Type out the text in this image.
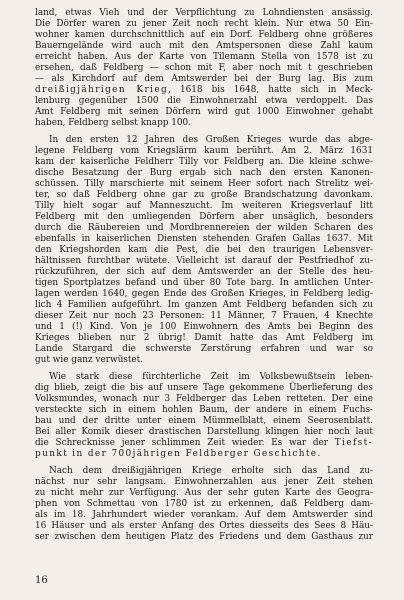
land, etwas Vieh und der Verpflichtung zu Lohndiensten ansässig.

Die Dörfer waren zu jener Zeit noch recht klein. Nur etwa 50 Ein-

wohner kamen durchschnittlich auf ein Dorf. Feldberg ohne größeres

Bauerngelände wird auch mit den Amtspersonen diese Zahl kaum

erreicht haben. Aus der Karte von Tilemann Stella von 1578 ist zu

ersehen, daß Feldberg — schon mit F, aber noch mit t geschrieben

— als Kirchdorf auf dem Amtswerder bei der Burg lag. Bis zum

dreißigjährigen Krieg, 1618 bis 1648, hatte sich in Meck-

lenburg gegenüber 1500 die Einwohnerzahl etwa verdoppelt. Das

Amt Feldberg mit seinen Dörfern wird gut 1000 Einwohner gehabt

haben, Feldberg selbst knapp 100.

In den ersten 12 Jahren des Großen Krieges wurde das abge-

legene Feldberg vom Kriegslärm kaum berührt. Am 2. März 1631

kam der kaiserliche Feldherr Tilly vor Feldberg an. Die kleine schwe-

dische Besatzung der Burg ergab sich nach den ersten Kanonen-

schüssen. Tilly marschierte mit seinem Heer sofort nach Strelitz wei-

ter, so daß Feldberg ohne gar zu große Brandschatzung davonkam.

Tilly hielt sogar auf Manneszucht. Im weiteren Kriegsverlauf litt

Feldberg mit den umliegenden Dörfern aber unsäglich, besonders

durch die Räubereien und Mordbrennereien der wilden Scharen des

ebenfalls in kaiserlichen Diensten stehenden Grafen Gallas 1637. Mit

den Kriegshorden kam die Pest, die bei den traurigen Lebensver-

hältnissen furchtbar wütete. Vielleicht ist darauf der Pestfriedhof zu-

rückzuführen, der sich auf dem Amtswerder an der Stelle des heu-

tigen Sportplatzes befand und über 80 Tote barg. In amtlichen Unter-

lagen werden 1640, gegen Ende des Großen Krieges, in Feldberg ledig-

lich 4 Familien aufgeführt. Im ganzen Amt Feldberg befanden sich zu

dieser Zeit nur noch 23 Personen: 11 Männer, 7 Frauen, 4 Knechte

und 1 (!) Kind. Von je 100 Einwohnern des Amts bei Beginn des

Krieges blieben nur 2 übrig! Damit hatte das Amt Feldberg im

Lande Stargard die schwerste Zerstörung erfahren und war so

gut wie ganz verwüstet.

Wie stark diese fürchterliche Zeit im Volksbewußtsein leben-

dig blieb, zeigt die bis auf unsere Tage gekommene Überlieferung des

Volksmundes, wonach nur 3 Feldberger das Leben retteten. Der eine

versteckte sich in einem hohlen Baum, der andere in einem Fuchs-

bau und der dritte unter einem Mümmelblatt, einem Seerosenblatt.

Bei aller Komik dieser drastischen Darstellung klingen hier noch laut

die Schrecknisse jener schlimmen Zeit wieder. Es war der Tiefst-

punkt in der 700jährigen Feldberger Geschichte.

Nach dem dreißigjährigen Kriege erholte sich das Land zu-

nächst nur sehr langsam. Einwohnerzahlen aus jener Zeit stehen

zu nicht mehr zur Verfügung. Aus der sehr guten Karte des Geogra-

phen von Schmettau von 1780 ist zu erkennen, daß Feldberg dam-

als im 18. Jahrhundert wieder vorankam. Auf dem Amtswerder sind

16 Häuser und als erster Anfang des Ortes diesseits des Sees 8 Häu-

ser zwischen dem heutigen Platz des Friedens und dem Gasthaus zur

16
